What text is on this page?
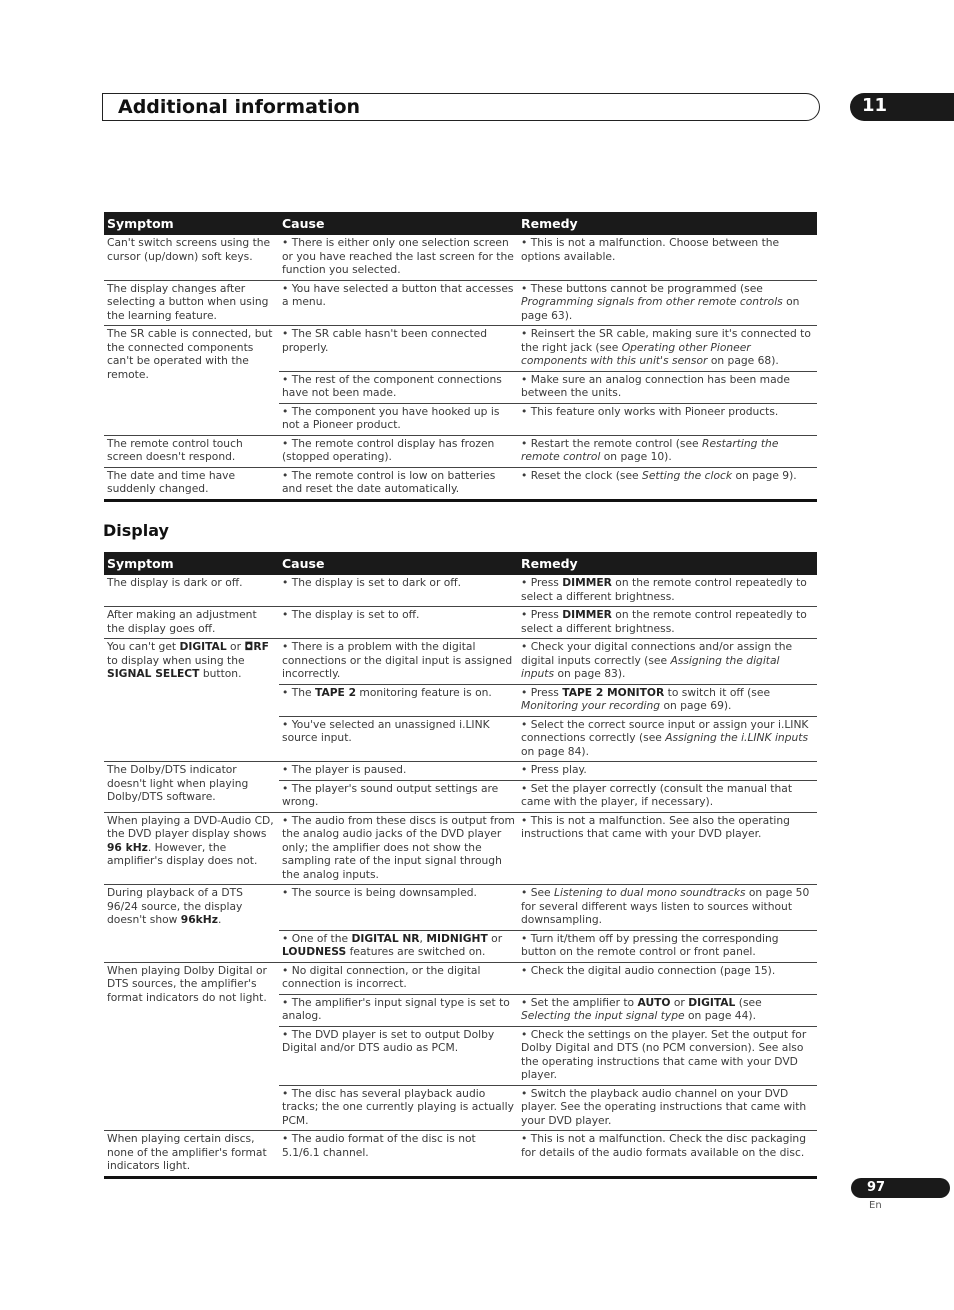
Additional information	11
Symptom	Cause	Remedy
Can't switch screens using the cursor (up/down) soft keys.	• There is either only one selection screen or you have reached the last screen for the function you selected.	• This is not a malfunction. Choose between the options available.
The display changes after selecting a button when using the learning feature.	• You have selected a button that accesses a menu.	• These buttons cannot be programmed (see Programming signals from other remote controls on page 63).
The SR cable is connected, but the connected components can't be operated with the remote.	• The SR cable hasn't been connected properly.	• Reinsert the SR cable, making sure it's connected to the right jack (see Operating other Pioneer components with this unit's sensor on page 68).
	• The rest of the component connections have not been made.	• Make sure an analog connection has been made between the units.
	• The component you have hooked up is not a Pioneer product.	• This feature only works with Pioneer products.
The remote control touch screen doesn't respond.	• The remote control display has frozen (stopped operating).	• Restart the remote control (see Restarting the remote control on page 10).
The date and time have suddenly changed.	• The remote control is low on batteries and reset the date automatically.	• Reset the clock (see Setting the clock on page 9).
Display
Symptom	Cause	Remedy
The display is dark or off.	• The display is set to dark or off.	• Press DIMMER on the remote control repeatedly to select a different brightness.
After making an adjustment the display goes off.	• The display is set to off.	• Press DIMMER on the remote control repeatedly to select a different brightness.
You can't get DIGITAL or ◘RF to display when using the SIGNAL SELECT button.	• There is a problem with the digital connections or the digital input is assigned incorrectly.	• Check your digital connections and/or assign the digital inputs correctly (see Assigning the digital inputs on page 83).
	• The TAPE 2 monitoring feature is on.	• Press TAPE 2 MONITOR to switch it off (see Monitoring your recording on page 69).
	• You've selected an unassigned i.LINK source input.	• Select the correct source input or assign your i.LINK connections correctly (see Assigning the i.LINK inputs on page 84).
The Dolby/DTS indicator doesn't light when playing Dolby/DTS software.	• The player is paused.	• Press play.
	• The player's sound output settings are wrong.	• Set the player correctly (consult the manual that came with the player, if necessary).
When playing a DVD-Audio CD, the DVD player display shows 96 kHz. However, the amplifier's display does not.	• The audio from these discs is output from the analog audio jacks of the DVD player only; the amplifier does not show the sampling rate of the input signal through the analog inputs.	• This is not a malfunction. See also the operating instructions that came with your DVD player.
During playback of a DTS 96/24 source, the display doesn't show 96kHz.	• The source is being downsampled.	• See Listening to dual mono soundtracks on page 50 for several different ways listen to sources without downsampling.
	• One of the DIGITAL NR, MIDNIGHT or LOUDNESS features are switched on.	• Turn it/them off by pressing the corresponding button on the remote control or front panel.
When playing Dolby Digital or DTS sources, the amplifier's format indicators do not light.	• No digital connection, or the digital connection is incorrect.	• Check the digital audio connection (page 15).
	• The amplifier's input signal type is set to analog.	• Set the amplifier to AUTO or DIGITAL (see Selecting the input signal type on page 44).
	• The DVD player is set to output Dolby Digital and/or DTS audio as PCM.	• Check the settings on the player. Set the output for Dolby Digital and DTS (no PCM conversion). See also the operating instructions that came with your DVD player.
	• The disc has several playback audio tracks; the one currently playing is actually PCM.	• Switch the playback audio channel on your DVD player. See the operating instructions that came with your DVD player.
When playing certain discs, none of the amplifier's format indicators light.	• The audio format of the disc is not 5.1/6.1 channel.	• This is not a malfunction. Check the disc packaging for details of the audio formats available on the disc.
97
En
